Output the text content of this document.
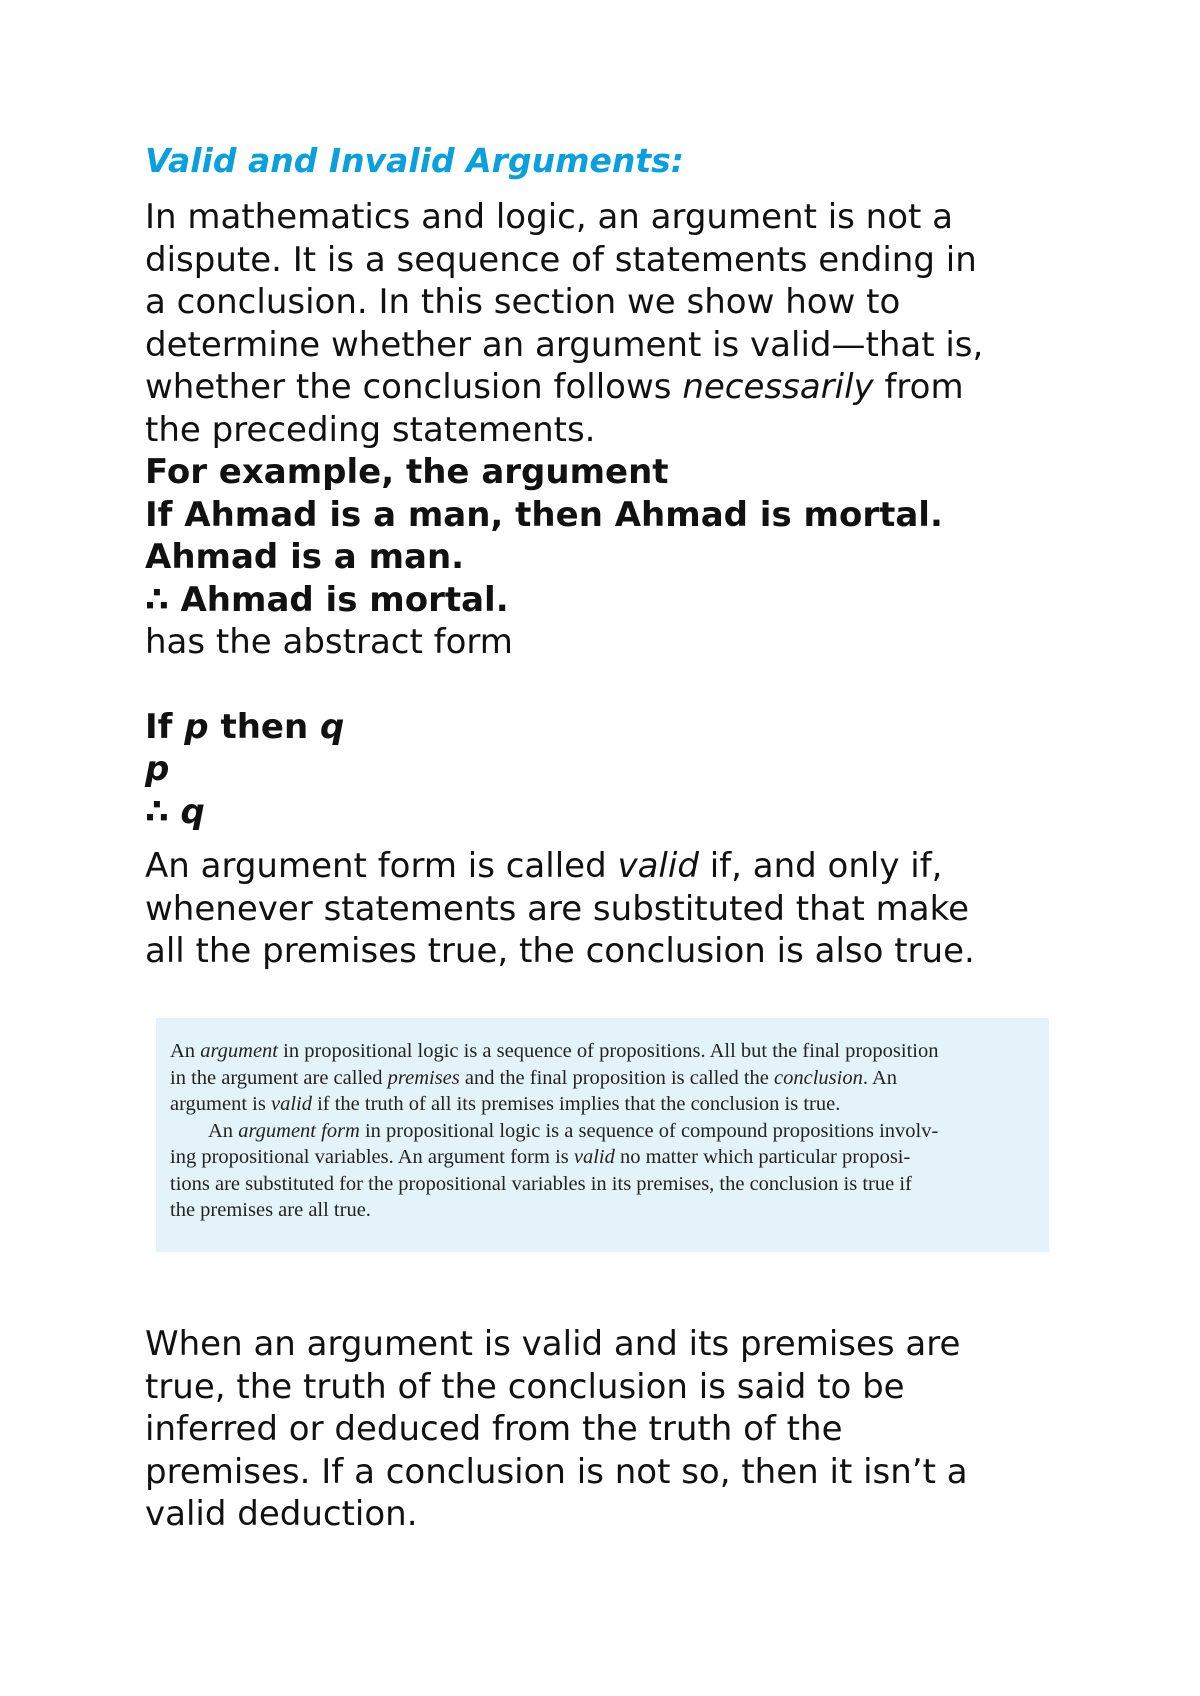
Valid and Invalid Arguments:
In mathematics and logic, an argument is not a
dispute. It is a sequence of statements ending in
a conclusion. In this section we show how to
determine whether an argument is valid—that is,
whether the conclusion follows necessarily from
the preceding statements.
For example, the argument
If Ahmad is a man, then Ahmad is mortal.
Ahmad is a man.
∴ Ahmad is mortal.
has the abstract form
If p then q
p
∴ q
An argument form is called valid if, and only if,
whenever statements are substituted that make
all the premises true, the conclusion is also true.
An argument in propositional logic is a sequence of propositions. All but the final proposition
in the argument are called premises and the final proposition is called the conclusion. An
argument is valid if the truth of all its premises implies that the conclusion is true.
An argument form in propositional logic is a sequence of compound propositions involv-
ing propositional variables. An argument form is valid no matter which particular proposi-
tions are substituted for the propositional variables in its premises, the conclusion is true if
the premises are all true.
When an argument is valid and its premises are
true, the truth of the conclusion is said to be
inferred or deduced from the truth of the
premises. If a conclusion is not so, then it isn’t a
valid deduction.
